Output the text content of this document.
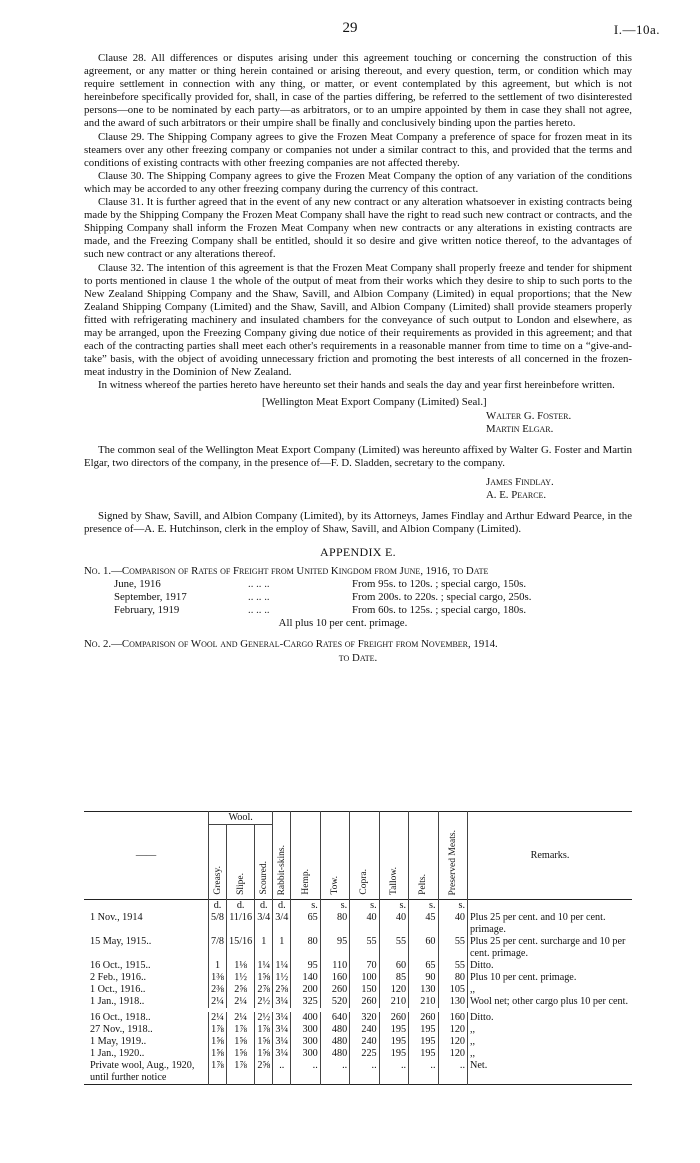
29	I.—10a.

Clause 28. All differences or disputes arising under this agreement touching or concerning the construction of this agreement, or any matter or thing herein contained or arising thereout, and every question, term, or condition which may require settlement in connection with any thing, or matter, or event contemplated by this agreement, but which is not hereinbefore specifically provided for, shall, in case of the parties differing, be referred to the settlement of two disinterested persons—one to be nominated by each party—as arbitrators, or to an umpire appointed by them in case they shall not agree, and the award of such arbitrators or their umpire shall be finally and conclusively binding upon the parties hereto.

Clause 29. The Shipping Company agrees to give the Frozen Meat Company a preference of space for frozen meat in its steamers over any other freezing company or companies not under a similar contract to this, and provided that the terms and conditions of existing contracts with other freezing companies are not affected thereby.

Clause 30. The Shipping Company agrees to give the Frozen Meat Company the option of any variation of the conditions which may be accorded to any other freezing company during the currency of this contract.

Clause 31. It is further agreed that in the event of any new contract or any alteration whatsoever in existing contracts being made by the Shipping Company the Frozen Meat Company shall have the right to read such new contract or contracts, and the Shipping Company shall inform the Frozen Meat Company when new contracts or any alterations in existing contracts are made, and the Freezing Company shall be entitled, should it so desire and give written notice thereof, to the advantages of such new contract or any alterations thereof.

Clause 32. The intention of this agreement is that the Frozen Meat Company shall properly freeze and tender for shipment to ports mentioned in clause 1 the whole of the output of meat from their works which they desire to ship to such ports to the New Zealand Shipping Company and the Shaw, Savill, and Albion Company (Limited) in equal proportions; that the New Zealand Shipping Company (Limited) and the Shaw, Savill, and Albion Company (Limited) shall provide steamers properly fitted with refrigerating machinery and insulated chambers for the conveyance of such output to London and elsewhere, as may be arranged, upon the Freezing Company giving due notice of their requirements as provided in this agreement; and that each of the contracting parties shall meet each other's requirements in a reasonable manner from time to time on a “give-and-take” basis, with the object of avoiding unnecessary friction and promoting the best interests of all concerned in the frozen-meat industry in the Dominion of New Zealand.

In witness whereof the parties hereto have hereunto set their hands and seals the day and year first hereinbefore written.

[Wellington Meat Export Company (Limited) Seal.]
Walter G. Foster.
Martin Elgar.

The common seal of the Wellington Meat Export Company (Limited) was hereunto affixed by Walter G. Foster and Martin Elgar, two directors of the company, in the presence of—F. D. Sladden, secretary to the company.

James Findlay.
A. E. Pearce.

Signed by Shaw, Savill, and Albion Company (Limited), by its Attorneys, James Findlay and Arthur Edward Pearce, in the presence of—A. E. Hutchinson, clerk in the employ of Shaw, Savill, and Albion Company (Limited).

APPENDIX E.

No. 1.—Comparison of Rates of Freight from United Kingdom from June, 1916, to Date

June, 1916	.. .. ..	From 95s. to 120s. ; special cargo, 150s.
September, 1917	.. .. ..	From 200s. to 220s. ; special cargo, 250s.
February, 1919	.. .. ..	From 60s. to 125s. ; special cargo, 180s.
All plus 10 per cent. primage.

No. 2.—Comparison of Wool and General-Cargo Rates of Freight from November, 1914.

to Date.
——	Wool.			Rabbit-skins.	Hemp.	Tow.	Copra.	Tallow.	Pelts.	Preserved Meats.	Remarks.
	Greasy.	Slipe.	Scoured.								
	d.	d.	d.	d.	s.	s.	s.	s.	s.	s.	
1 Nov., 1914	5/8	11/16	3/4	3/4	65	80	40	40	45	40	Plus 25 per cent. and 10 per cent. primage.
15 May, 1915..	7/8	15/16	1	1	80	95	55	55	60	55	Plus 25 per cent. surcharge and 10 per cent. primage.
16 Oct., 1915..	1	1⅛	1¼	1¼	95	110	70	60	65	55	Ditto.
2 Feb., 1916..	1⅜	1½	1⅝	1½	140	160	100	85	90	80	Plus 10 per cent. primage.
1 Oct., 1916..	2⅜	2⅝	2⅞	2⅝	200	260	150	120	130	105	,,
1 Jan., 1918..	2¼	2¼	2½	3¼	325	520	260	210	210	130	Wool net; other cargo plus 10 per cent.

16 Oct., 1918..	2¼	2¼	2½	3¼	400	640	320	260	260	160	Ditto.
27 Nov., 1918..	1⅞	1⅞	1⅞	3¼	300	480	240	195	195	120	,,
1 May, 1919..	1⅝	1⅝	1⅝	3¼	300	480	240	195	195	120	,,
1 Jan., 1920..	1⅝	1⅝	1⅝	3¼	300	480	225	195	195	120	,,
Private wool, Aug., 1920, until further notice	1⅞	1⅞	2⅝	..	..	..	..	..	..	..	Net.
